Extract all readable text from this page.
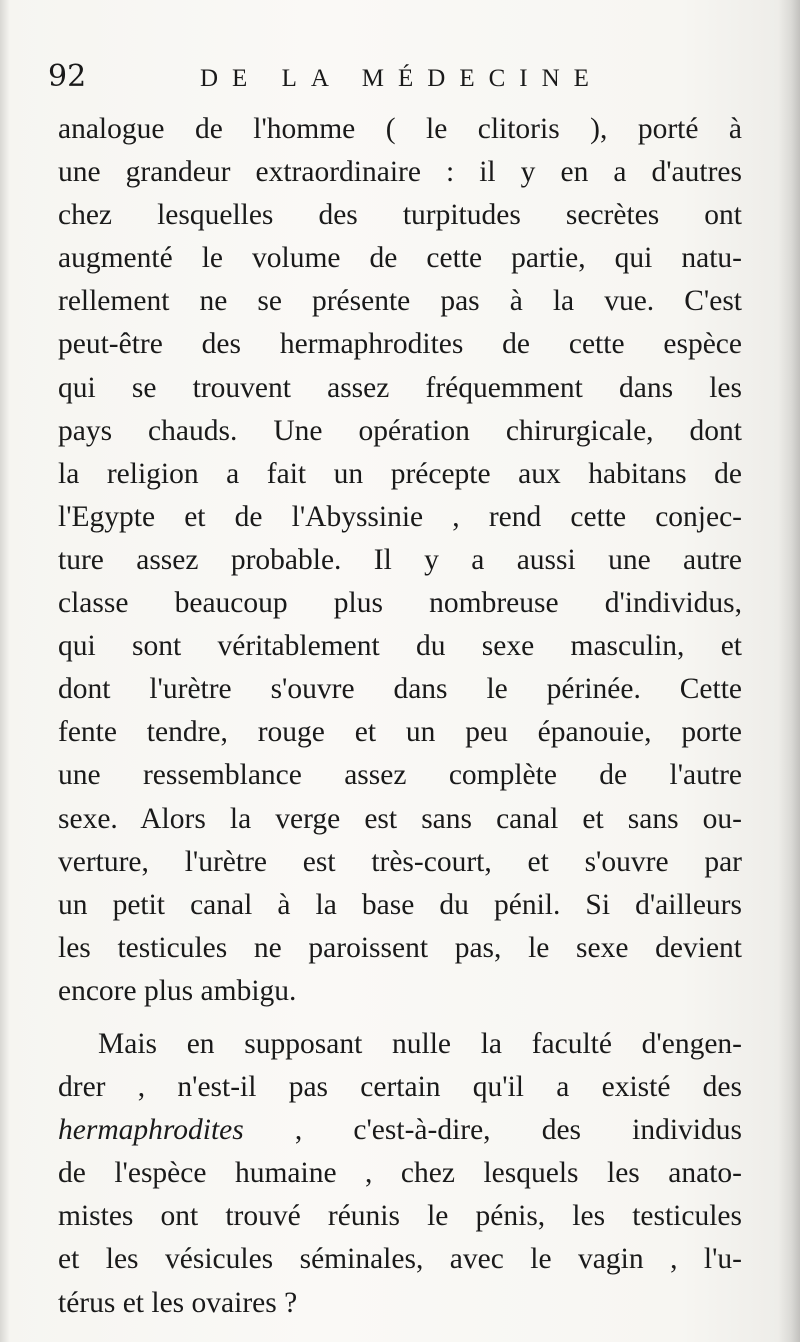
92	DE LA MÉDECINE
analogue de l'homme ( le clitoris ), porté à
une grandeur extraordinaire : il y en a d'autres
chez lesquelles des turpitudes secrètes ont
augmenté le volume de cette partie, qui natu-
rellement ne se présente pas à la vue. C'est
peut-être des hermaphrodites de cette espèce
qui se trouvent assez fréquemment dans les
pays chauds. Une opération chirurgicale, dont
la religion a fait un précepte aux habitans de
l'Egypte et de l'Abyssinie , rend cette conjec-
ture assez probable. Il y a aussi une autre
classe beaucoup plus nombreuse d'individus,
qui sont véritablement du sexe masculin, et
dont l'urètre s'ouvre dans le périnée. Cette
fente tendre, rouge et un peu épanouie, porte
une ressemblance assez complète de l'autre
sexe. Alors la verge est sans canal et sans ou-
verture, l'urètre est très-court, et s'ouvre par
un petit canal à la base du pénil. Si d'ailleurs
les testicules ne paroissent pas, le sexe devient
encore plus ambigu.
Mais en supposant nulle la faculté d'engen-
drer , n'est-il pas certain qu'il a existé des
hermaphrodites , c'est-à-dire, des individus
de l'espèce humaine , chez lesquels les anato-
mistes ont trouvé réunis le pénis, les testicules
et les vésicules séminales, avec le vagin , l'u-
térus et les ovaires ?
